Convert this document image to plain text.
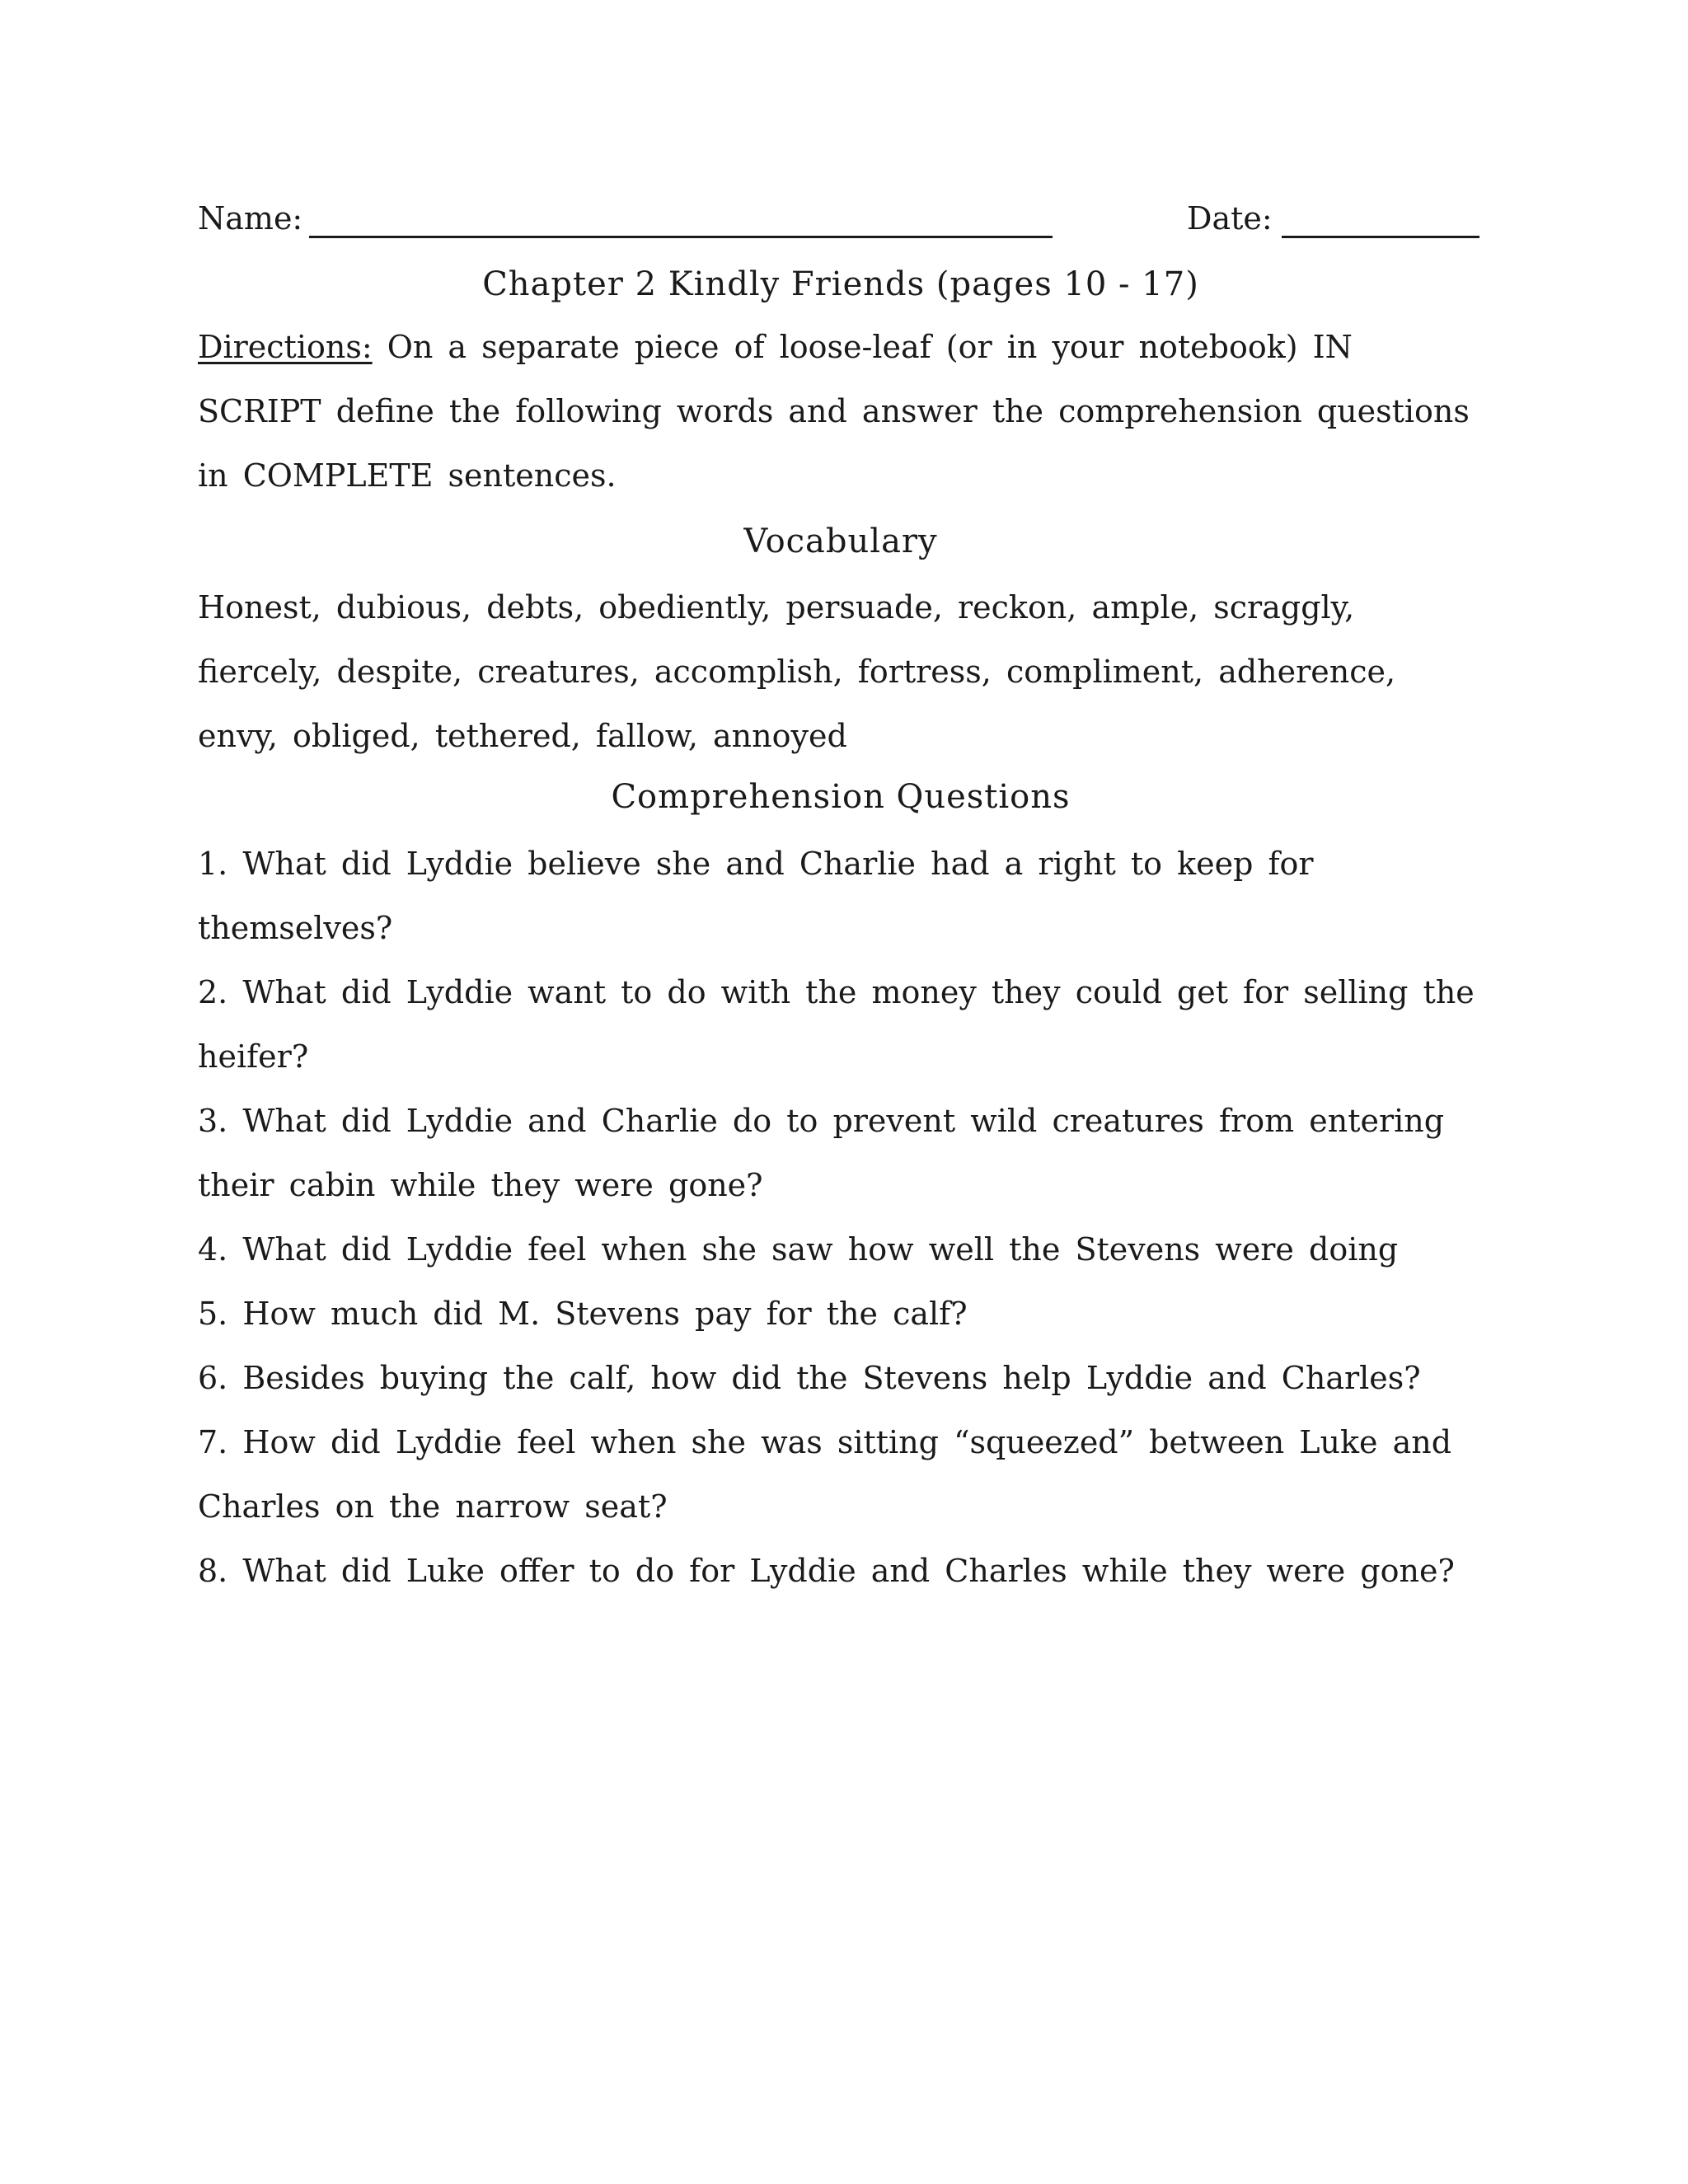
Name:	Date:
Chapter 2 Kindly Friends (pages 10 - 17)
Directions: On a separate piece of loose-leaf (or in your notebook) IN SCRIPT define the following words and answer the comprehension questions in COMPLETE sentences.
Vocabulary
Honest, dubious, debts, obediently, persuade, reckon, ample, scraggly, fiercely, despite, creatures, accomplish, fortress, compliment, adherence, envy, obliged, tethered, fallow, annoyed
Comprehension Questions
1. What did Lyddie believe she and Charlie had a right to keep for themselves?
2. What did Lyddie want to do with the money they could get for selling the heifer?
3. What did Lyddie and Charlie do to prevent wild creatures from entering their cabin while they were gone?
4. What did Lyddie feel when she saw how well the Stevens were doing
5. How much did M. Stevens pay for the calf?
6. Besides buying the calf, how did the Stevens help Lyddie and Charles?
7. How did Lyddie feel when she was sitting “squeezed” between Luke and Charles on the narrow seat?
8. What did Luke offer to do for Lyddie and Charles while they were gone?
